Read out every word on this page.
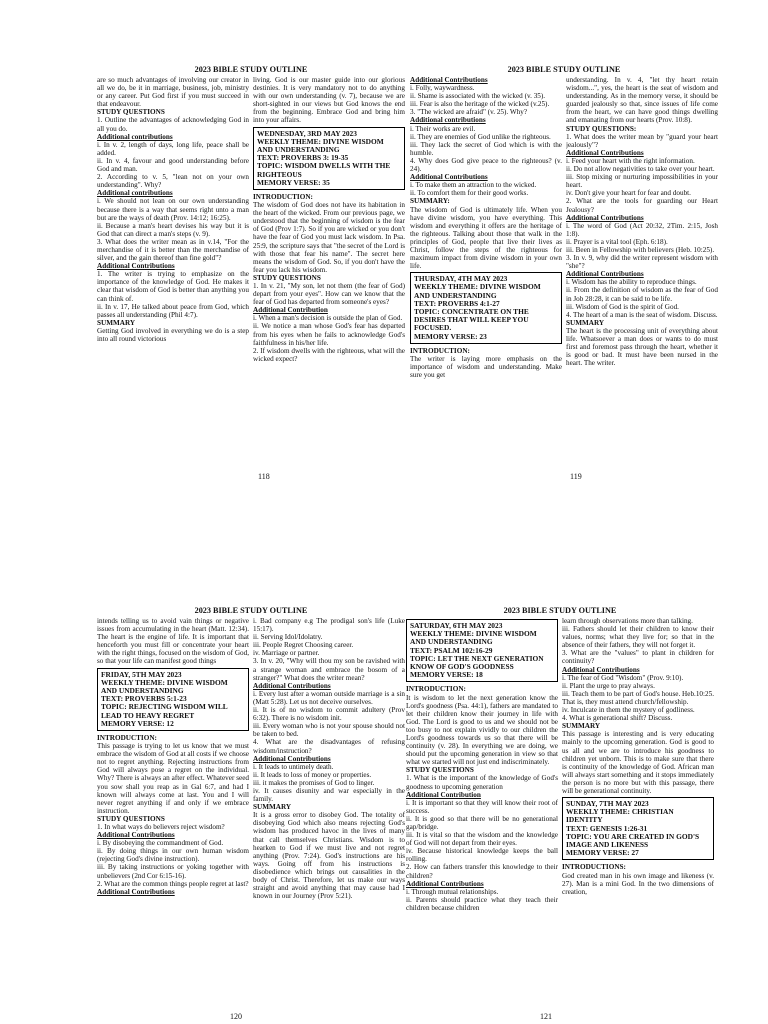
2023 BIBLE STUDY OUTLINE

are so much advantages of involving our creator in all we do, be it in marriage, business, job, ministry or any career. Put God first if you must succeed in that endeavour.

STUDY QUESTIONS

1. Outline the advantages of acknowledging God in all you do.

Additional contributions

i. In v. 2, length of days, long life, peace shall be added.

ii. In v. 4, favour and good understanding before God and man.

2. According to v. 5, "lean not on your own understanding". Why?

Additional contributions

i. We should not lean on our own understanding because there is a way that seems right unto a man but are the ways of death (Prov. 14:12; 16:25).

ii. Because a man's heart devises his way but it is God that can direct a man's steps (v. 9).

3. What does the writer mean as in v.14, "For the merchandise of it is better than the merchandise of silver, and the gain thereof than fine gold"?

Additional Contributions

1. The writer is trying to emphasize on the importance of the knowledge of God. He makes it clear that wisdom of God is better than anything you can think of.

ii. In v. 17, He talked about peace from God, which passes all understanding (Phil 4:7).

SUMMARY

Getting God involved in everything we do is a step into all round victorious

living. God is our master guide into our glorious destinies. It is very mandatory not to do anything with our own understanding (v. 7), because we are short-sighted in our views but God knows the end from the beginning. Embrace God and bring him into your affairs.

WEDNESDAY, 3RD MAY 2023
WEEKLY THEME: DIVINE WISDOM AND UNDERSTANDING
TEXT: PROVERBS 3: 19-35
TOPIC: WISDOM DWELLS WITH THE RIGHTEOUS
MEMORY VERSE: 35

INTRODUCTION:

The wisdom of God does not have its habitation in the heart of the wicked. From our previous page, we understood that the beginning of wisdom is the fear of God (Prov 1:7). So if you are wicked or you don't have the fear of God you must lack wisdom. In Psa. 25:9, the scripture says that "the secret of the Lord is with those that fear his name". The secret here means the wisdom of God. So, if you don't have the fear you lack his wisdom.

STUDY QUESTIONS

1. In v. 21, "My son, let not them (the fear of God) depart from your eyes". How can we know that the fear of God has departed from someone's eyes?

Additional Contribution

i. When a man's decision is outside the plan of God.

ii. We notice a man whose God's fear has departed from his eyes when he fails to acknowledge God's faithfulness in his/her life.

2. If wisdom dwells with the righteous, what will the wicked expect?

2023 BIBLE STUDY OUTLINE

Additional Contributions

i. Folly, waywardness.

ii. Shame is associated with the wicked (v. 35).

iii. Fear is also the heritage of the wicked (v.25).

3. "The wicked are afraid" (v. 25). Why?

Additional contributions

i. Their works are evil.

ii. They are enemies of God unlike the righteous.

iii. They lack the secret of God which is with the humble.

4. Why does God give peace to the righteous? (v. 24).

Additional Contributions

i. To make them an attraction to the wicked.

ii. To comfort them for their good works.

SUMMARY:

The wisdom of God is ultimately life. When you have divine wisdom, you have everything. This wisdom and everything it offers are the heritage of the righteous. Talking about those that walk in the principles of God, people that live their lives as Christ, follow the steps of the righteous for maximum impact from divine wisdom in your own life.

THURSDAY, 4TH MAY 2023
WEEKLY THEME: DIVINE WISDOM AND UNDERSTANDING
TEXT: PROVERBS 4:1-27
TOPIC: CONCENTRATE ON THE DESIRES THAT WILL KEEP YOU FOCUSED.
MEMORY VERSE: 23

INTRODUCTION:

The writer is laying more emphasis on the importance of wisdom and understanding. Make sure you get

understanding. In v. 4, "let thy heart retain wisdom...", yes, the heart is the seat of wisdom and understanding. As in the memory verse, it should be guarded jealously so that, since issues of life come from the heart, we can have good things dwelling and emanating from our hearts (Prov. 10:8).

STUDY QUESTIONS:

1. What does the writer mean by "guard your heart jealously"?

Additional Contributions

i. Feed your heart with the right information.

ii. Do not allow negativities to take over your heart.

iii. Stop mixing or nurturing impossibilities in your heart.

iv. Don't give your heart for fear and doubt.

2. What are the tools for guarding our Heart Jealousy?

Additional Contributions

i. The word of God (Act 20:32, 2Tim. 2:15, Josh 1:8).

ii. Prayer is a vital tool (Eph. 6:18).

iii. Been in Fellowship with believers (Heb. 10:25).

3. In v. 9, why did the writer represent wisdom with "she"?

Additional Contributions

i. Wisdom has the ability to reproduce things.

ii. From the definition of wisdom as the fear of God in Job 28:28, it can be said to be life.

iii. Wisdom of God is the spirit of God.

4. The heart of a man is the seat of wisdom. Discuss.

SUMMARY

The heart is the processing unit of everything about life. Whatsoever a man does or wants to do must first and foremost pass through the heart, whether it is good or bad. It must have been nursed in the heart. The writer.

2023 BIBLE STUDY OUTLINE

intends telling us to avoid vain things or negative issues from accumulating in the heart (Matt. 12:34). The heart is the engine of life. It is important that henceforth you must fill or concentrate your heart with the right things, focused on the wisdom of God, so that your life can manifest good things

FRIDAY, 5TH MAY 2023
WEEKLY THEME: DIVINE WISDOM AND UNDERSTANDING
TEXT: PROVERBS 5:1-23
TOPIC: REJECTING WISDOM WILL LEAD TO HEAVY REGRET
MEMORY VERSE: 12

INTRODUCTION:

This passage is trying to let us know that we must embrace the wisdom of God at all costs if we choose not to regret anything. Rejecting instructions from God will always pose a regret on the individual. Why? There is always an after effect. Whatever seed you sow shall you reap as in Gal 6:7, and had I known will always come at last. You and I will never regret anything if and only if we embrace instruction.

STUDY QUESTIONS

1. In what ways do believers reject wisdom?

Additional Contributions

i. By disobeying the commandment of God.

ii. By doing things in our own human wisdom (rejecting God's divine instruction).

iii. By taking instructions or yoking together with unbelievers (2nd Cor 6:15-16).

2. What are the common things people regret at last?

Additional Contributions

i. Bad company e.g The prodigal son's life (Luke 15:17).

ii. Serving Idol/Idolatry.

iii. People Regret Choosing career.

iv. Marriage or partner.

3. In v. 20, "Why will thou my son be ravished with a strange woman and embrace the bosom of a stranger?" What does the writer mean?

Additional Contributions

i. Every lust after a woman outside marriage is a sin (Matt 5:28). Let us not deceive ourselves.

ii. It is of no wisdom to commit adultery (Prov 6:32). There is no wisdom init.

iii. Every woman who is not your spouse should not be taken to bed.

4. What are the disadvantages of refusing wisdom/instruction?

Additional Contributions

i. It leads to untimely death.

ii. It leads to loss of money or properties.

iii. it makes the promises of God to linger.

iv. It causes disunity and war especially in the family.

SUMMARY

It is a gross error to disobey God. The totality of disobeying God which also means rejecting God's wisdom has produced havoc in the lives of many that call themselves Christians. Wisdom is to hearken to God if we must live and not regret anything (Prov. 7:24). God's instructions are his ways. Going off from his instructions is disobedience which brings out causalities in the body of Christ. Therefore, let us make our ways straight and avoid anything that may cause had I known in our Journey (Prov 5:21).

2023 BIBLE STUDY OUTLINE
SATURDAY, 6TH MAY 2023
WEEKLY THEME: DIVINE WISDOM AND UNDERSTANDING
TEXT: PSALM 102:16-29
TOPIC: LET THE NEXT GENERATION KNOW OF GOD'S GOODNESS
MEMORY VERSE: 18

INTRODUCTION:

It is wisdom to let the next generation know the Lord's goodness (Psa. 44:1), fathers are mandated to let their children know their journey in life with God. The Lord is good to us and we should not be too busy to not explain vividly to our children the Lord's goodness towards us so that there will be continuity (v. 28). In everything we are doing, we should put the upcoming generation in view so that what we started will not just end indiscriminately.

STUDY QUESTIONS

1. What is the important of the knowledge of God's goodness to upcoming generation

Additional Contribution

i. It is important so that they will know their root of success.

ii. It is good so that there will be no generational gap/bridge.

iii. It is vital so that the wisdom and the knowledge of God will not depart from their eyes.

iv. Because historical knowledge keeps the ball rolling.

2. How can fathers transfer this knowledge to their children?

Additional Contributions

i. Through mutual relationships.

ii. Parents should practice what they teach their children because children

learn through observations more than talking.

iii. Fathers should let their children to know their values, norms; what they live for; so that in the absence of their fathers, they will not forget it.

3. What are the "values" to plant in children for continuity?

Additional Contributions

i. The fear of God "Wisdom" (Prov. 9:10).

ii. Plant the urge to pray always.

iii. Teach them to be part of God's house. Heb.10:25. That is, they must attend church/fellowship.

iv. Inculcate in them the mystery of godliness.

4. What is generational shift? Discuss.

SUMMARY

This passage is interesting and is very educating mainly to the upcoming generation. God is good to us all and we are to introduce his goodness to children yet unborn. This is to make sure that there is continuity of the knowledge of God. African man will always start something and it stops immediately the person is no more but with this passage, there will be generational continuity.

SUNDAY, 7TH MAY 2023
WEEKLY THEME: CHRISTIAN IDENTITY
TEXT: GENESIS 1:26-31
TOPIC: YOU ARE CREATED IN GOD'S IMAGE AND LIKENESS
MEMORY VERSE: 27

INTRODUCTIONS:

God created man in his own image and likeness (v. 27). Man is a mini God. In the two dimensions of creation,

118	119
120	121
